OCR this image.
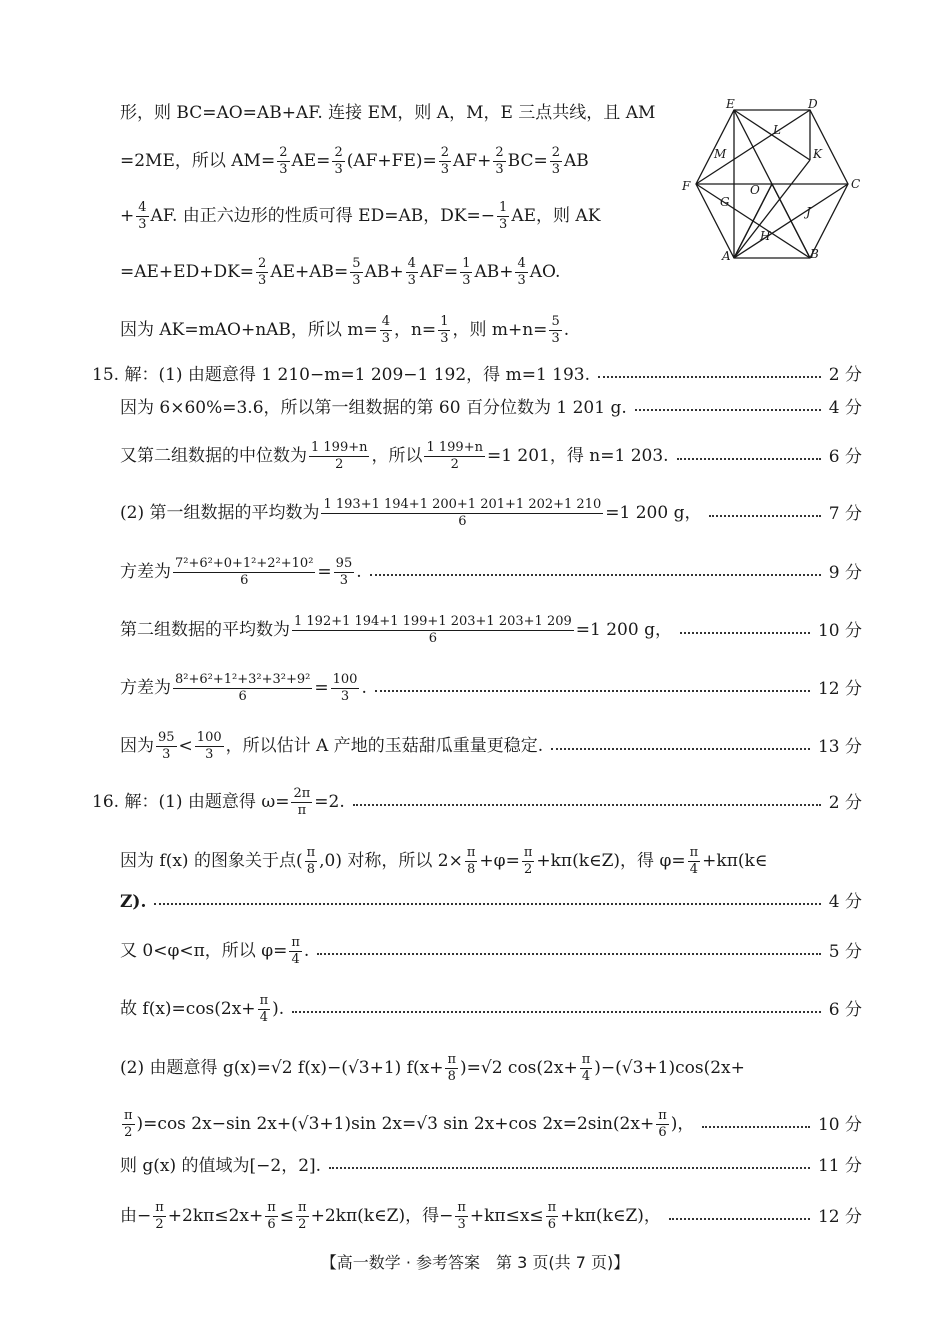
E	D
L
M	K
F	O	C
G
J
H
A	B
形，则 BC=AO=AB+AF. 连接 EM，则 A，M，E 三点共线，且 AM
=2ME，所以 $AM= \frac{2}{3} AE= \frac{2}{3} (AF+FE)= \frac{2}{3} AF+ \frac{2}{3} BC= \frac{2}{3}$ AB
+ $\frac{4}{3}$ AF. 由正六边形的性质可得 ED=AB，$DK=- \frac{1}{3}$ AE，则 AK
$=AE+ED+DK= \frac{2}{3} AE+AB= \frac{5}{3} AB+ \frac{4}{3} AF= \frac{1}{3} AB+ \frac{4}{3}$ AO.
因为 AK=mAO+nAB，所以 $m= \frac{4}{3}$ ，$n= \frac{1}{3}$ ，则 $m+n= \frac{5}{3}$ .
15. 解：(1) 由题意得 1 210−m=1 209−1 192，得 m=1 193.	2 分
因为 6×60%=3.6，所以第一组数据的第 60 百分位数为 1 201 g.	4 分
又第二组数据的中位数为 $\frac{1 199+n}{2}$ ，所以 $\frac{1 199+n}{2} =1$ 201，得 n=1 203.	6 分
(2) 第一组数据的平均数为 $\frac{1 193+1 194+1 200+1 201+1 202+1 210}{6} =1$ 200 g，	7 分
方差为 $\frac{\text{7²+6²+0+1²+2²+10²}}{6} = \frac{95}{3}$ .	9 分
第二组数据的平均数为 $\frac{1 192+1 194+1 199+1 203+1 203+1 209}{6} =1$ 200 g，	10 分
方差为 $\frac{\text{8²+6²+1²+3²+3²+9²}}{6} = \frac{100}{3}$ .	12 分
因为 $\frac{95}{3} < \frac{100}{3}$ ，所以估计 A 产地的玉菇甜瓜重量更稳定.	13 分
16. 解：(1) 由题意得 $\omega= \frac{2\pi}{\pi} =2$.	2 分
因为 f(x) 的图象关于点( $\frac{\pi}{8} ,0$) 对称，所以 $2\times \frac{\pi}{8} +\varphi= \frac{\pi}{2}$ +kπ(k∈Z)，得 $\varphi= \frac{\pi}{4}$ +kπ(k∈
Z).	4 分
又 0<φ<π，所以 $\varphi= \frac{\pi}{4}$ .	5 分
故 $f(x)=\cos(2x+ \frac{\pi}{4}$ ).	6 分
(2) 由题意得 g(x)=√2 f(x)−(√3+1) $f(x+ \frac{\pi}{8} )=√2$ $\cos(2x+ \frac{\pi}{4} )-(√3+1)\cos(2x+$
$\frac{\pi}{2} )=\cos$ 2x−sin 2x+(√3+1)sin 2x=√3 sin 2x+cos $2x=2\sin(2x+ \frac{\pi}{6}$ )，	10 分
则 g(x) 的值域为[−2，2].	11 分
由− $\frac{\pi}{2} +2k\pi\le 2x+ \frac{\pi}{6} \le \frac{\pi}{2}$ +2kπ(k∈Z)，得− $\frac{\pi}{3} +k\pi\le x\le \frac{\pi}{6}$ +kπ(k∈Z)，	12 分
【高一数学 · 参考答案　第 3 页(共 7 页)】
